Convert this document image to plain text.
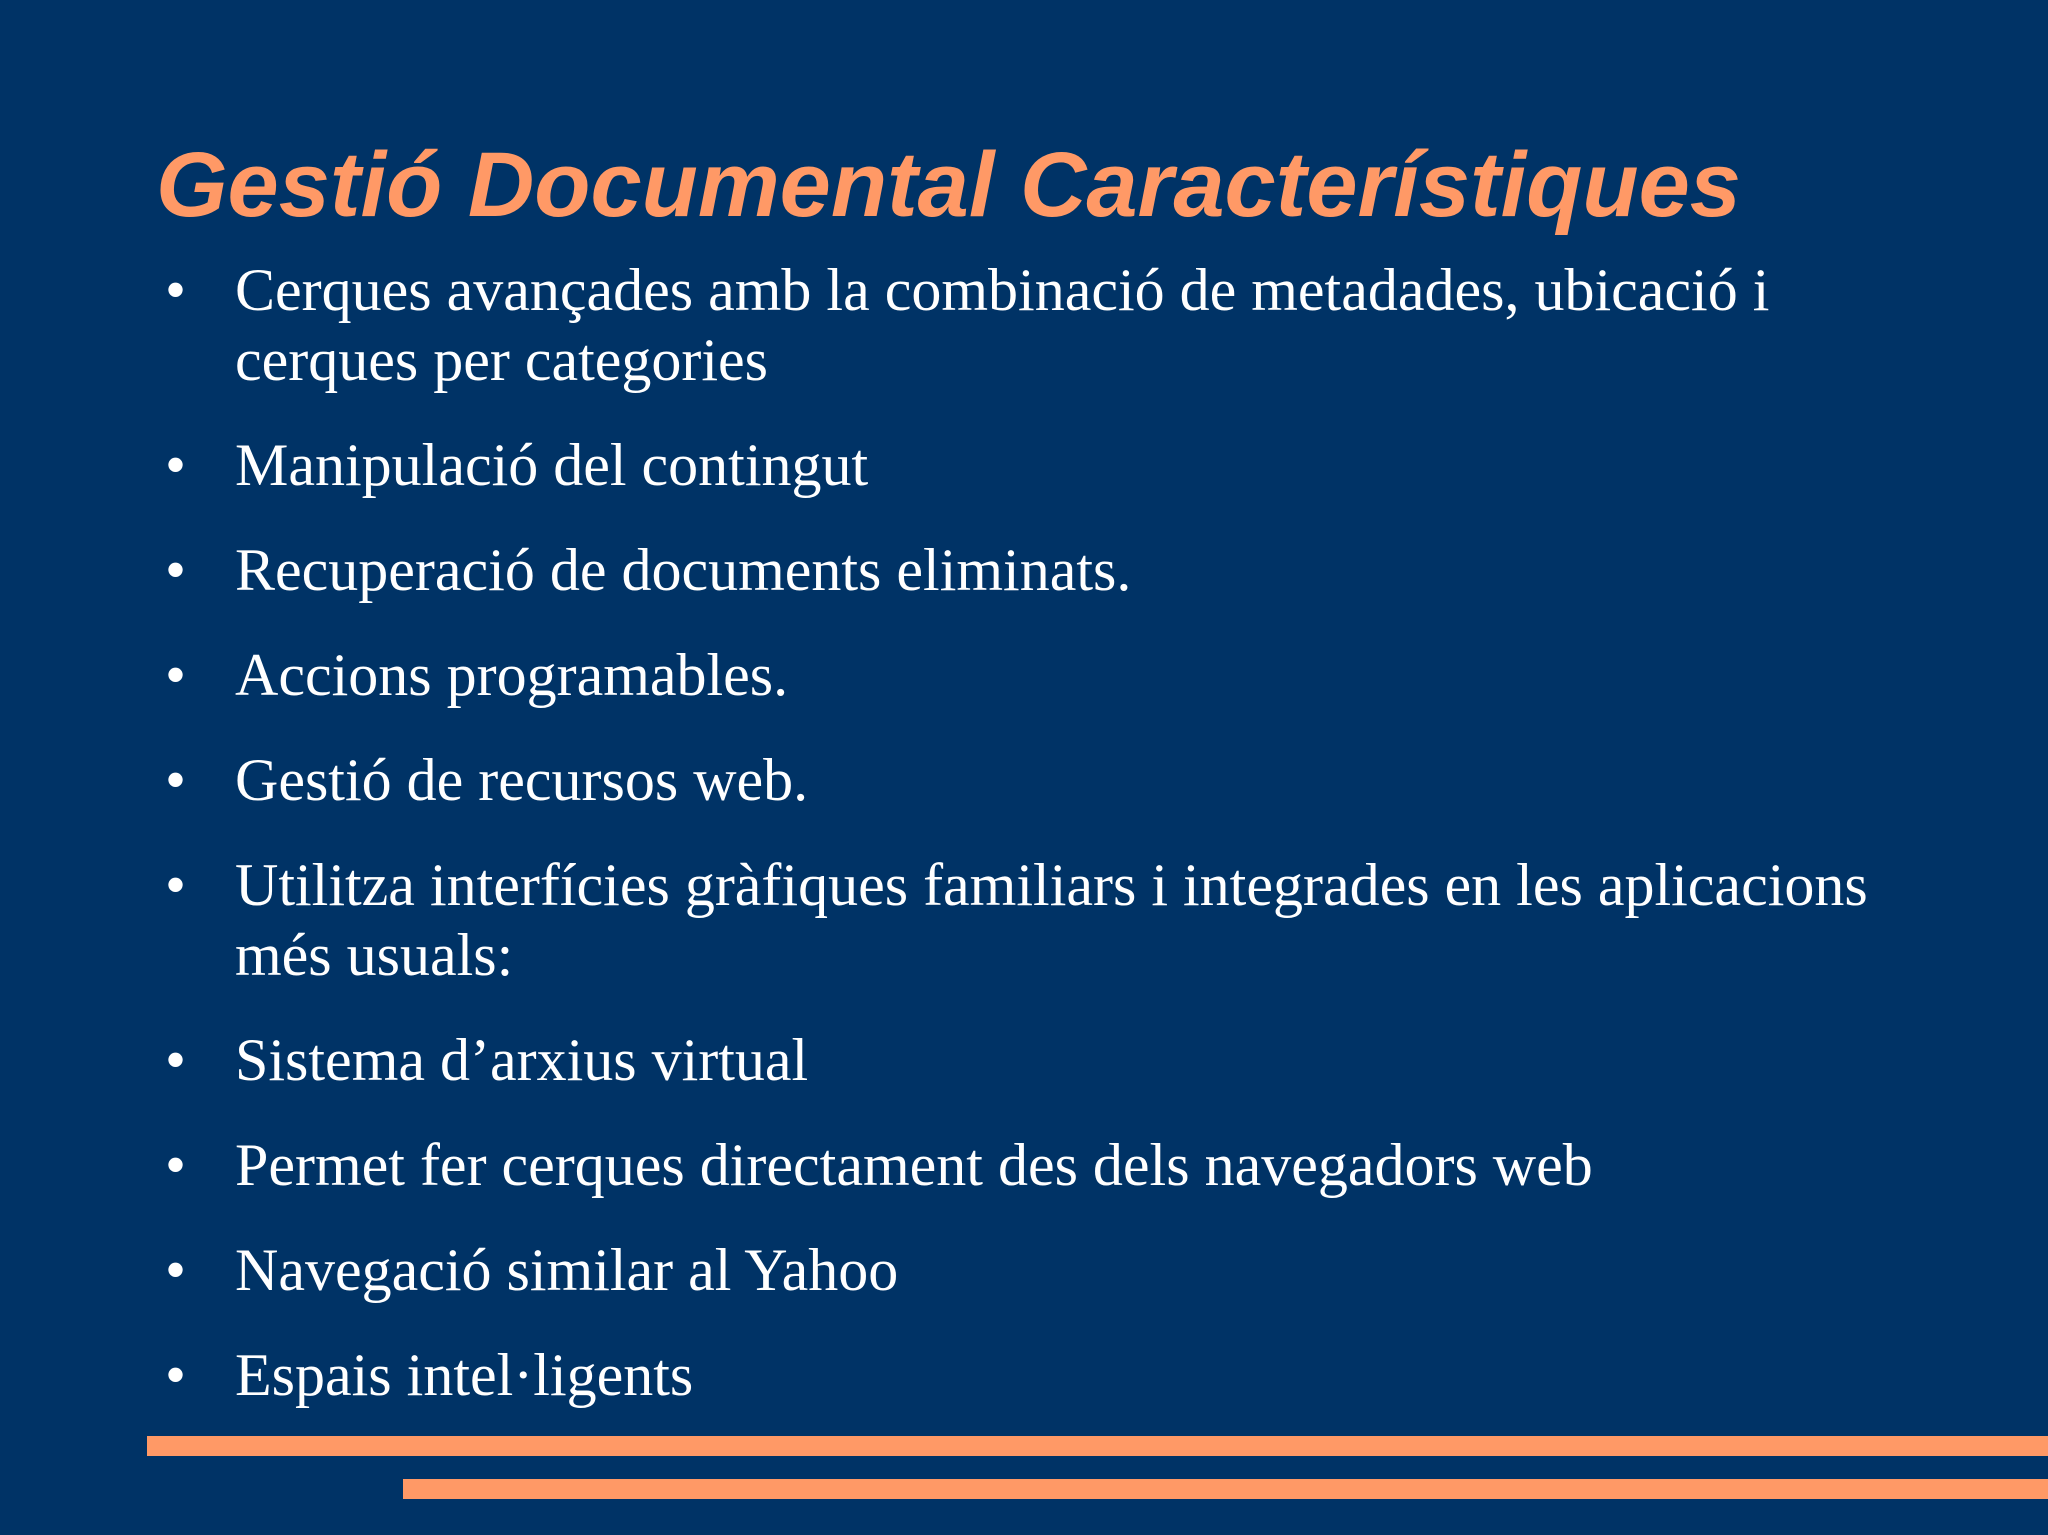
Gestió Documental Característiques
• Cerques avançades amb la combinació de metadades, ubicació i cerques per categories
• Manipulació del contingut
• Recuperació de documents eliminats.
• Accions programables.
• Gestió de recursos web.
• Utilitza interfícies gràfiques familiars i integrades en les aplicacions més usuals:
• Sistema d’arxius virtual
• Permet fer cerques directament des dels navegadors web
• Navegació similar al Yahoo
• Espais intel·ligents
